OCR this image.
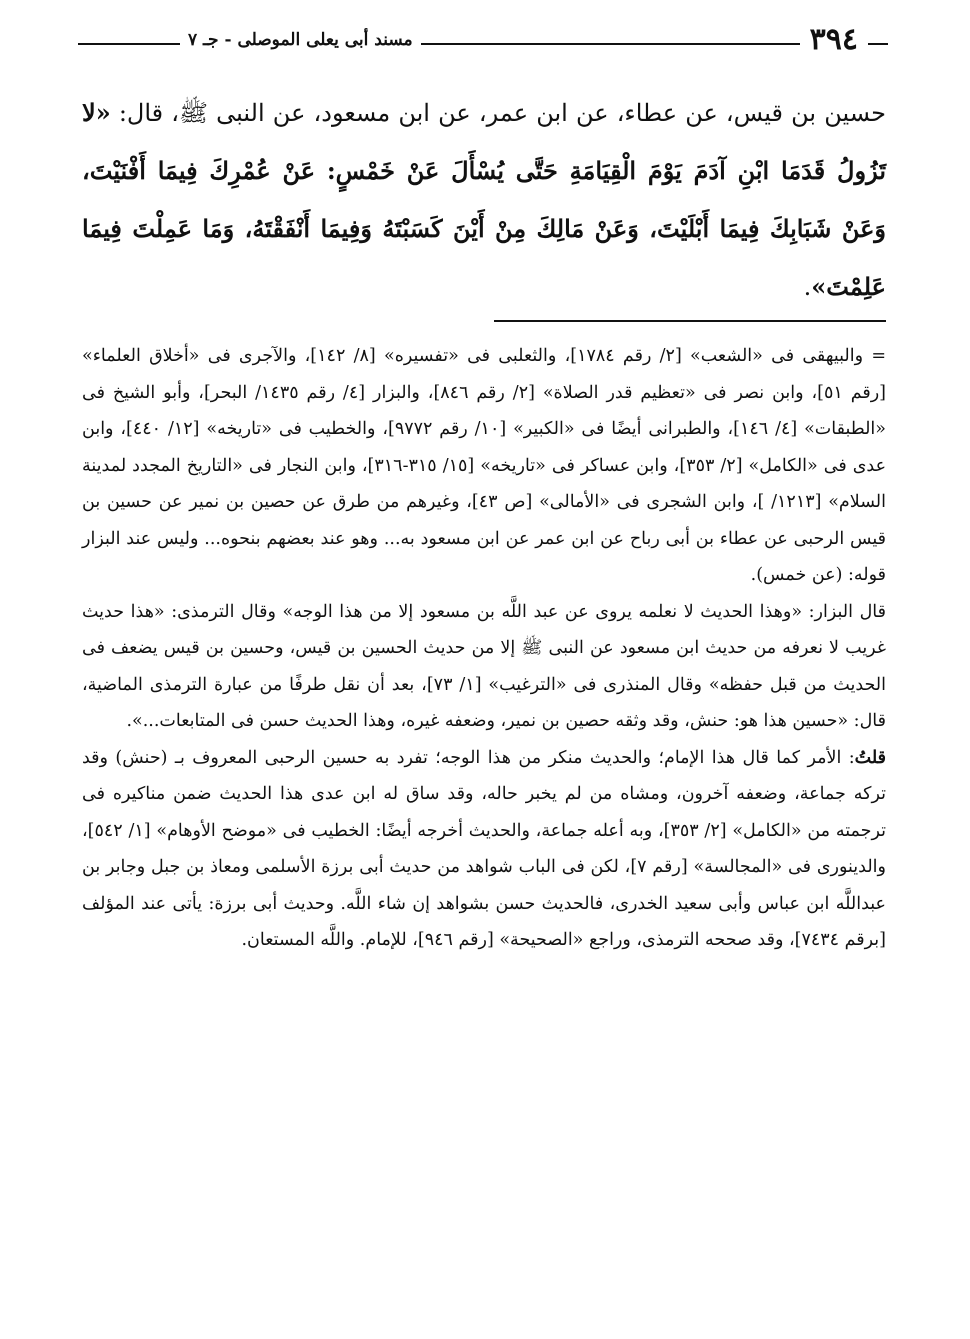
مسند أبى يعلى الموصلى - جـ ٧	٣٩٤

حسين بن قيس، عن عطاء، عن ابن عمر، عن ابن مسعود، عن النبى ﷺ، قال: «لا تَزُولُ قَدَمَا ابْنِ آدَمَ يَوْمَ الْقِيَامَةِ حَتَّى يُسْأَلَ عَنْ خَمْسٍ: عَنْ عُمْرِكَ فِيمَا أَفْنَيْتَ، وَعَنْ شَبَابِكَ فِيمَا أَبْلَيْتَ، وَعَنْ مَالِكَ مِنْ أَيْنَ كَسَبْتَهُ وَفِيمَا أَنْفَقْتَهُ، وَمَا عَمِلْتَ فِيمَا عَلِمْتَ».

= والبيهقى فى «الشعب» [٢/ رقم ١٧٨٤]، والثعلبى فى «تفسيره» [٨/ ١٤٢]، والآجرى فى «أخلاق العلماء» [رقم ٥١]، وابن نصر فى «تعظيم قدر الصلاة» [٢/ رقم ٨٤٦]، والبزار [٤/ رقم ١٤٣٥/ البحر]، وأبو الشيخ فى «الطبقات» [٤/ ١٤٦]، والطبرانى أيضًا فى «الكبير» [١٠/ رقم ٩٧٧٢]، والخطيب فى «تاريخه» [١٢/ ٤٤٠]، وابن عدى فى «الكامل» [٢/ ٣٥٣]، وابن عساكر فى «تاريخه» [١٥/ ٣١٥-٣١٦]، وابن النجار فى «التاريخ المجدد لمدينة السلام» [١٢١٣/ ]، وابن الشجرى فى «الأمالى» [ص ٤٣]، وغيرهم من طرق عن حصين بن نمير عن حسين بن قيس الرحبى عن عطاء بن أبى رباح عن ابن عمر عن ابن مسعود به... وهو عند بعضهم بنحوه... وليس عند البزار قوله: (عن خمس).

قال البزار: «وهذا الحديث لا نعلمه يروى عن عبد اللَّه بن مسعود إلا من هذا الوجه» وقال الترمذى: «هذا حديث غريب لا نعرفه من حديث ابن مسعود عن النبى ﷺ إلا من حديث الحسين بن قيس، وحسين بن قيس يضعف فى الحديث من قبل حفظه» وقال المنذرى فى «الترغيب» [١/ ٧٣]، بعد أن نقل طرفًا من عبارة الترمذى الماضية، قال: «حسين هذا هو: حنش، وقد وثقه حصين بن نمير، وضعفه غيره، وهذا الحديث حسن فى المتابعات...».

قلتُ: الأمر كما قال هذا الإمام؛ والحديث منكر من هذا الوجه؛ تفرد به حسين الرحبى المعروف بـ (حنش) وقد تركه جماعة، وضعفه آخرون، ومشاه من لم يخبر حاله، وقد ساق له ابن عدى هذا الحديث ضمن مناكيره فى ترجمته من «الكامل» [٢/ ٣٥٣]، وبه أعله جماعة، والحديث أخرجه أيضًا: الخطيب فى «موضح الأوهام» [١/ ٥٤٢]، والدينورى فى «المجالسة» [رقم ٧]، لكن فى الباب شواهد من حديث أبى برزة الأسلمى ومعاذ بن جبل وجابر بن عبداللَّه ابن عباس وأبى سعيد الخدرى، فالحديث حسن بشواهد إن شاء اللَّه. وحديث أبى برزة: يأتى عند المؤلف [برقم ٧٤٣٤]، وقد صححه الترمذى، وراجع «الصحيحة» [رقم ٩٤٦]، للإمام. واللَّه المستعان.
